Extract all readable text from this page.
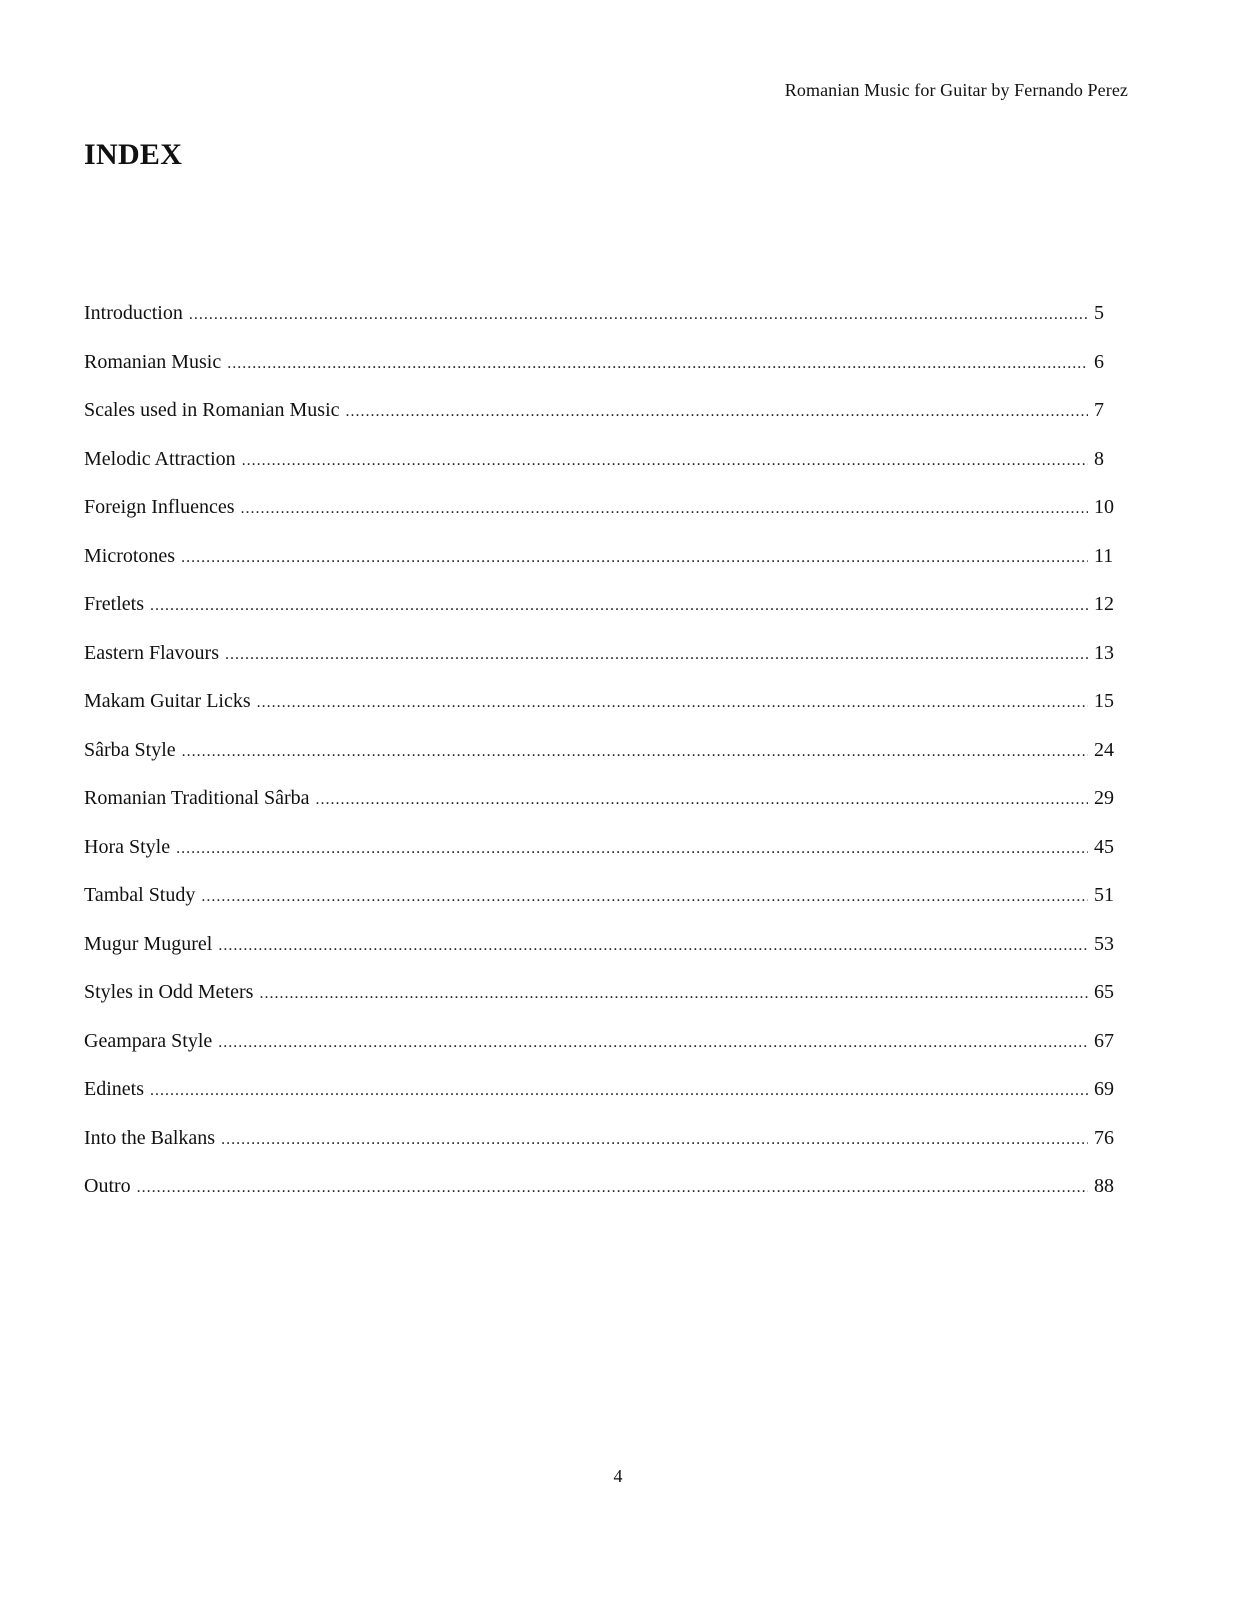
Romanian Music for Guitar by Fernando Perez
INDEX
Introduction .....	5
Romanian Music .....	6
Scales used in Romanian Music .....	7
Melodic Attraction .....	8
Foreign Influences .....	10
Microtones .....	11
Fretlets .....	12
Eastern Flavours .....	13
Makam Guitar Licks .....	15
Sârba Style .....	24
Romanian Traditional Sârba .....	29
Hora Style .....	45
Tambal Study .....	51
Mugur Mugurel .....	53
Styles in Odd Meters .....	65
Geampara Style .....	67
Edinets .....	69
Into the Balkans .....	76
Outro .....	88
4
